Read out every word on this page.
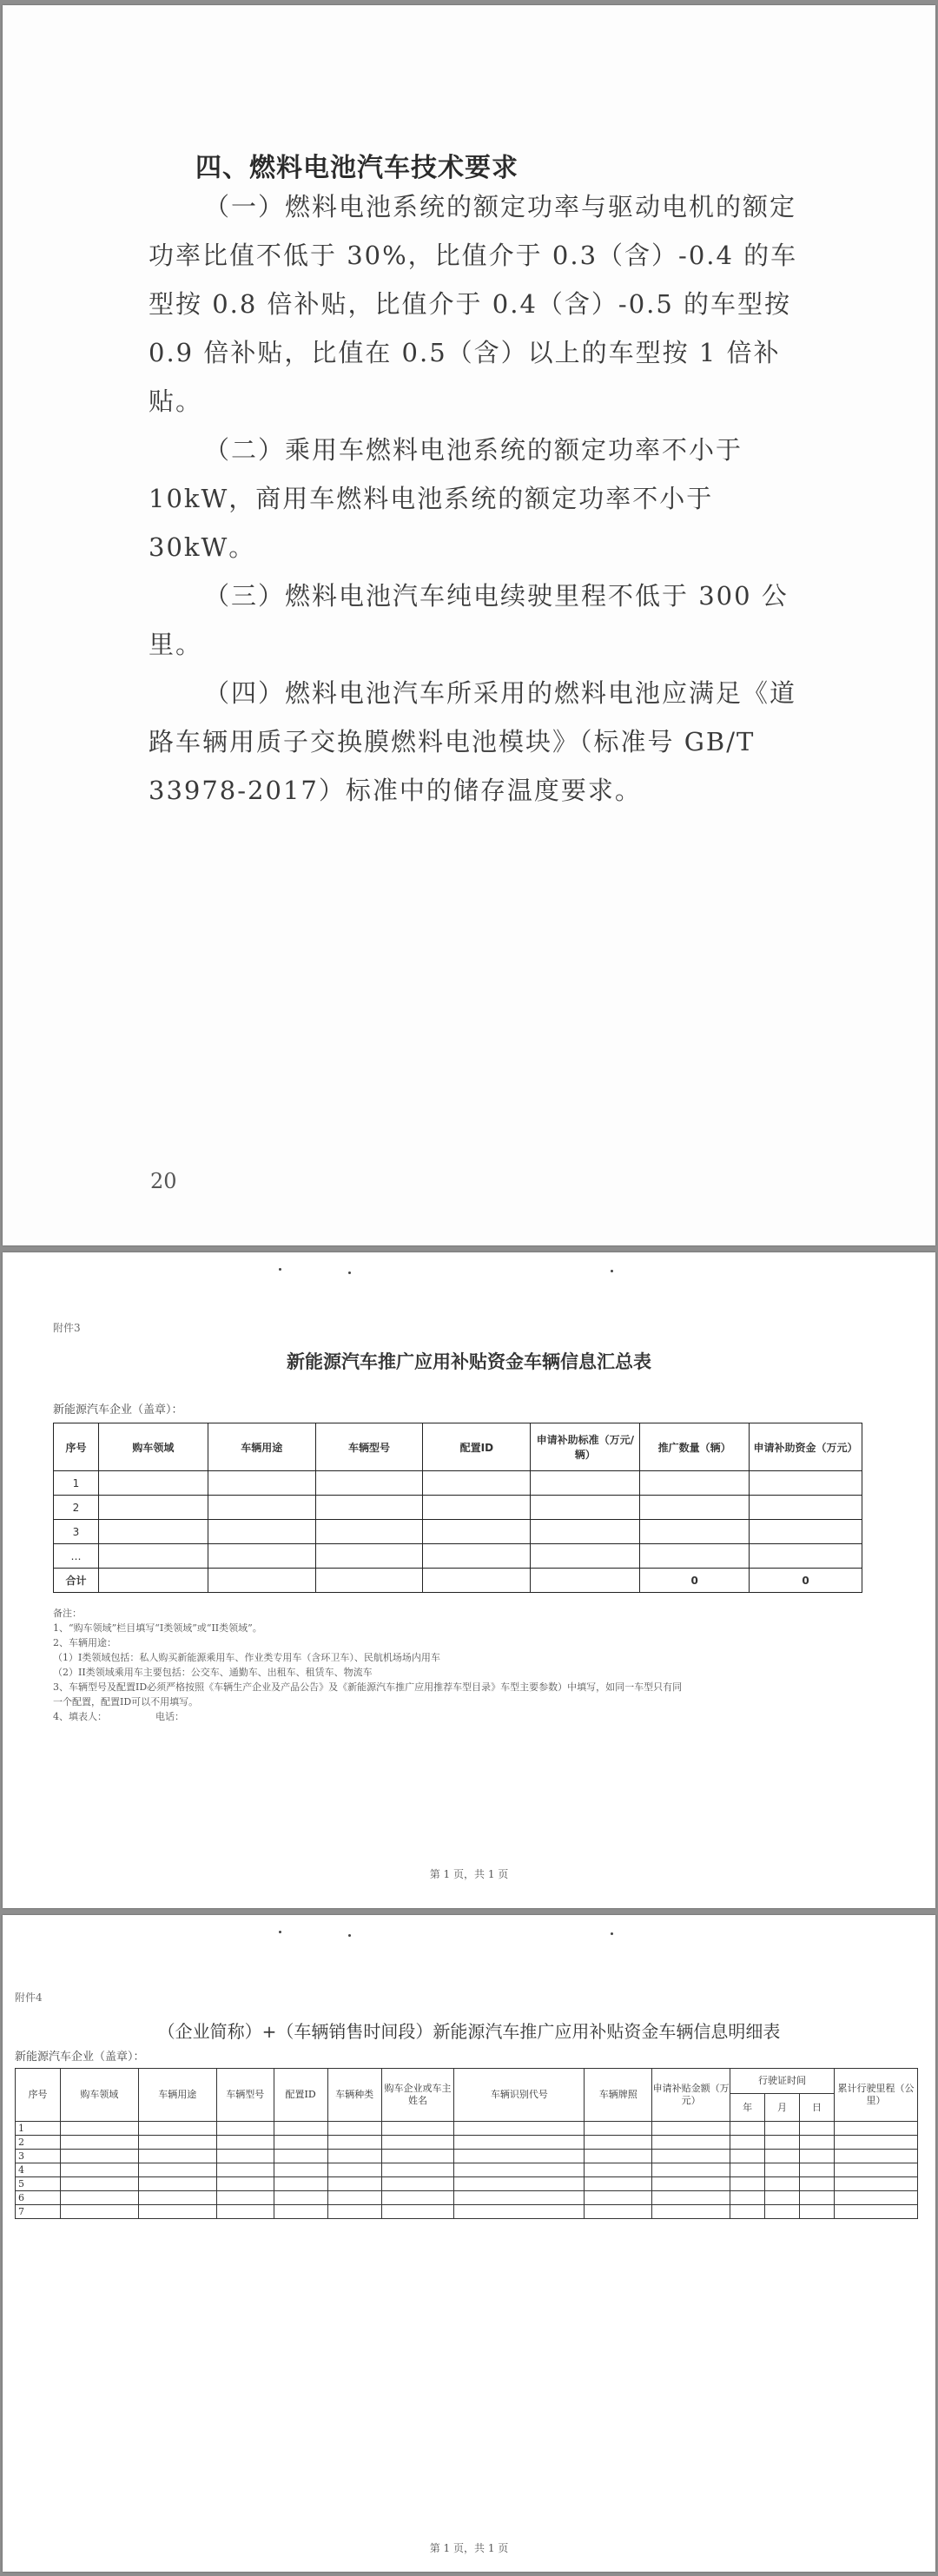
四、燃料电池汽车技术要求

（一）燃料电池系统的额定功率与驱动电机的额定功率比值不低于 30%，比值介于 0.3（含）-0.4 的车型按 0.8 倍补贴，比值介于 0.4（含）-0.5 的车型按 0.9 倍补贴，比值在 0.5（含）以上的车型按 1 倍补贴。

（二）乘用车燃料电池系统的额定功率不小于 10kW，商用车燃料电池系统的额定功率不小于 30kW。

（三）燃料电池汽车纯电续驶里程不低于 300 公里。

（四）燃料电池汽车所采用的燃料电池应满足《道路车辆用质子交换膜燃料电池模块》（标准号 GB/T 33978-2017）标准中的储存温度要求。

20
附件3
新能源汽车推广应用补贴资金车辆信息汇总表
新能源汽车企业（盖章）：
序号	购车领域	车辆用途	车辆型号	配置ID	申请补助标准（万元/辆）	推广数量（辆）	申请补助资金（万元）
1							
2							
3							
…							
合计						0	0
备注：
1、“购车领域”栏目填写“I类领域”或“II类领域”。
2、车辆用途：
（1）I类领域包括：私人购买新能源乘用车、作业类专用车（含环卫车）、民航机场场内用车
（2）II类领域乘用车主要包括：公交车、通勤车、出租车、租赁车、物流车
3、车辆型号及配置ID必须严格按照《车辆生产企业及产品公告》及《新能源汽车推广应用推荐车型目录》车型主要参数）中填写，如同一车型只有同
一个配置，配置ID可以不用填写。
4、填表人：                电话：
第 1 页，共 1 页
附件4
（企业简称）+（车辆销售时间段）新能源汽车推广应用补贴资金车辆信息明细表
新能源汽车企业（盖章）：
序号	购车领域	车辆用途	车辆型号	配置ID	车辆种类	购车企业或车主姓名	车辆识别代号	车辆牌照	申请补贴金额（万元）	行驶证时间			累计行驶里程（公里）
										年	月	日	
1													
2													
3													
4													
5													
6													
7													
第 1 页，共 1 页
